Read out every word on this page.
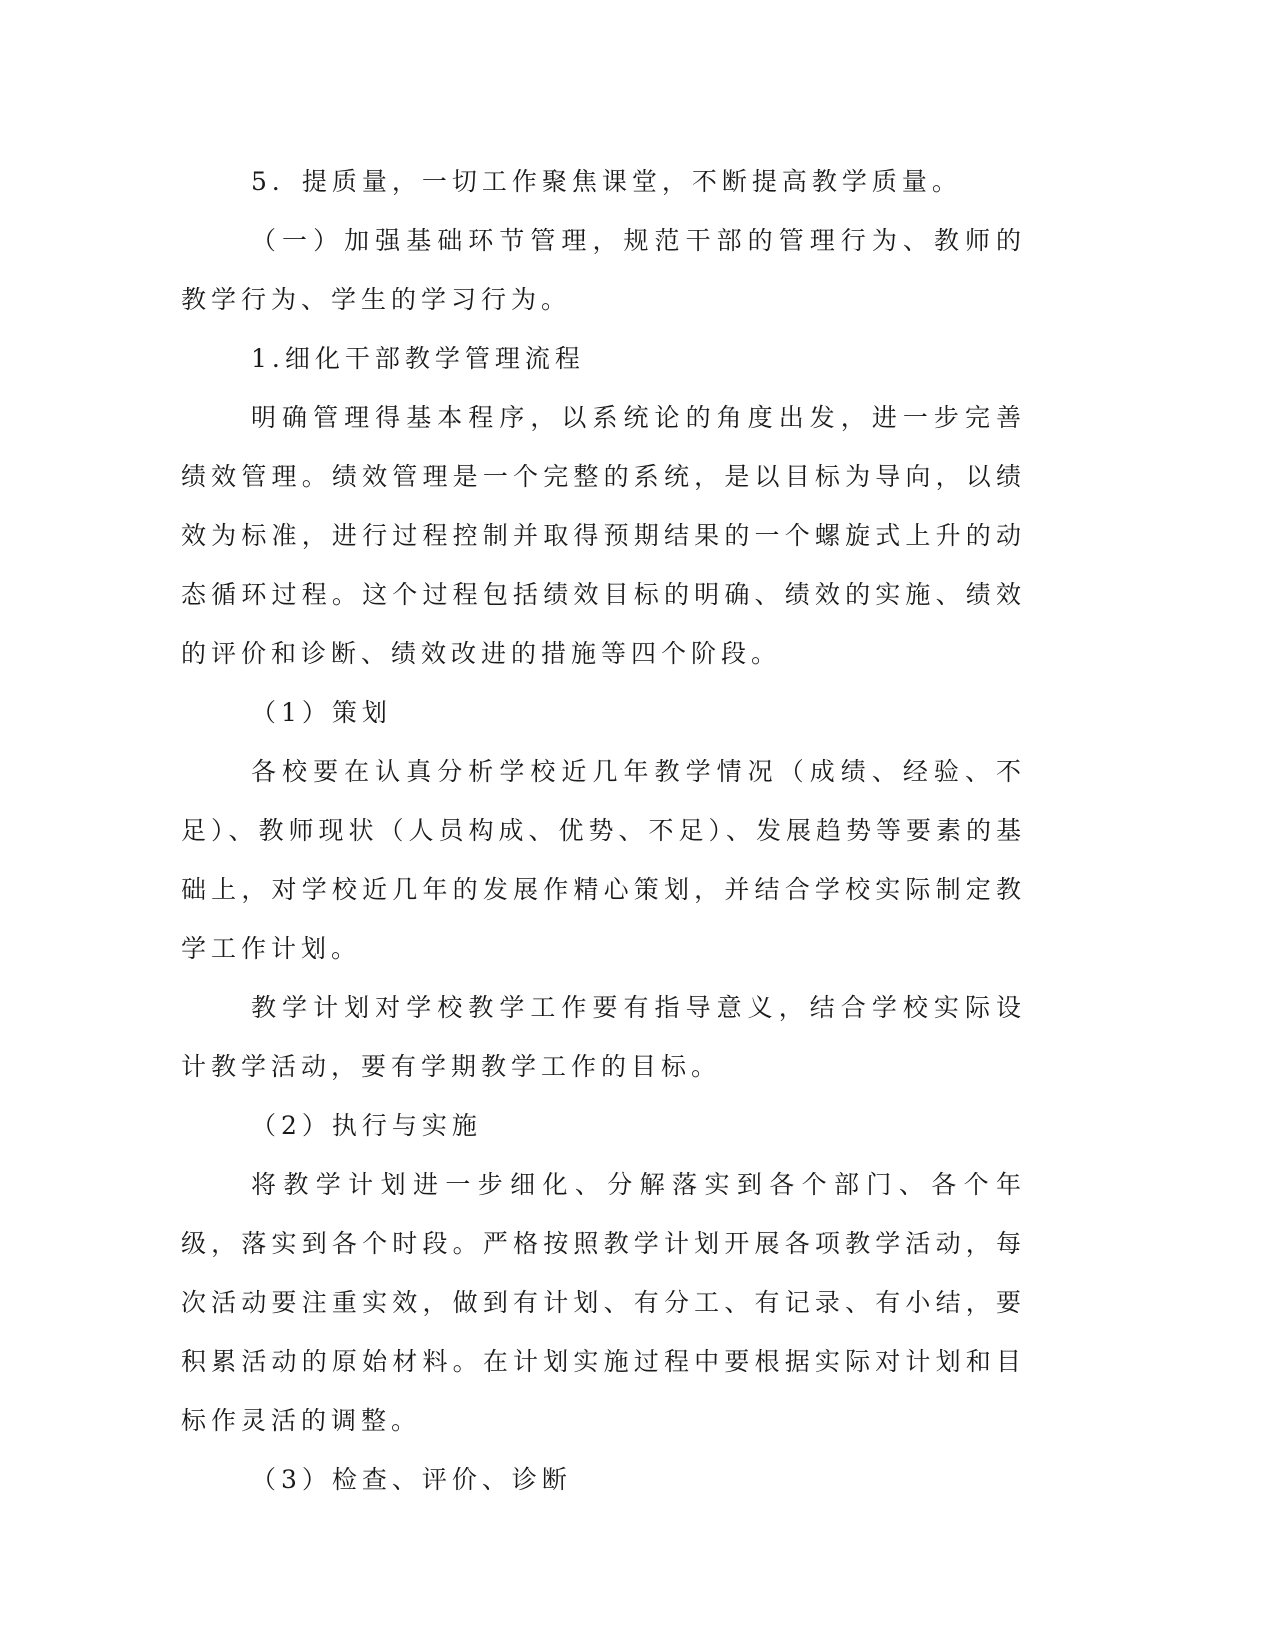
5．提质量，一切工作聚焦课堂，不断提高教学质量。

（一）加强基础环节管理，规范干部的管理行为、教师的教学行为、学生的学习行为。

1.细化干部教学管理流程

明确管理得基本程序，以系统论的角度出发，进一步完善绩效管理。绩效管理是一个完整的系统，是以目标为导向，以绩效为标准，进行过程控制并取得预期结果的一个螺旋式上升的动态循环过程。这个过程包括绩效目标的明确、绩效的实施、绩效的评价和诊断、绩效改进的措施等四个阶段。

（1）策划

各校要在认真分析学校近几年教学情况（成绩、经验、不足）、教师现状（人员构成、优势、不足）、发展趋势等要素的基础上，对学校近几年的发展作精心策划，并结合学校实际制定教学工作计划。

教学计划对学校教学工作要有指导意义，结合学校实际设计教学活动，要有学期教学工作的目标。

（2）执行与实施

将教学计划进一步细化、分解落实到各个部门、各个年级，落实到各个时段。严格按照教学计划开展各项教学活动，每次活动要注重实效，做到有计划、有分工、有记录、有小结，要积累活动的原始材料。在计划实施过程中要根据实际对计划和目标作灵活的调整。

（3）检查、评价、诊断
